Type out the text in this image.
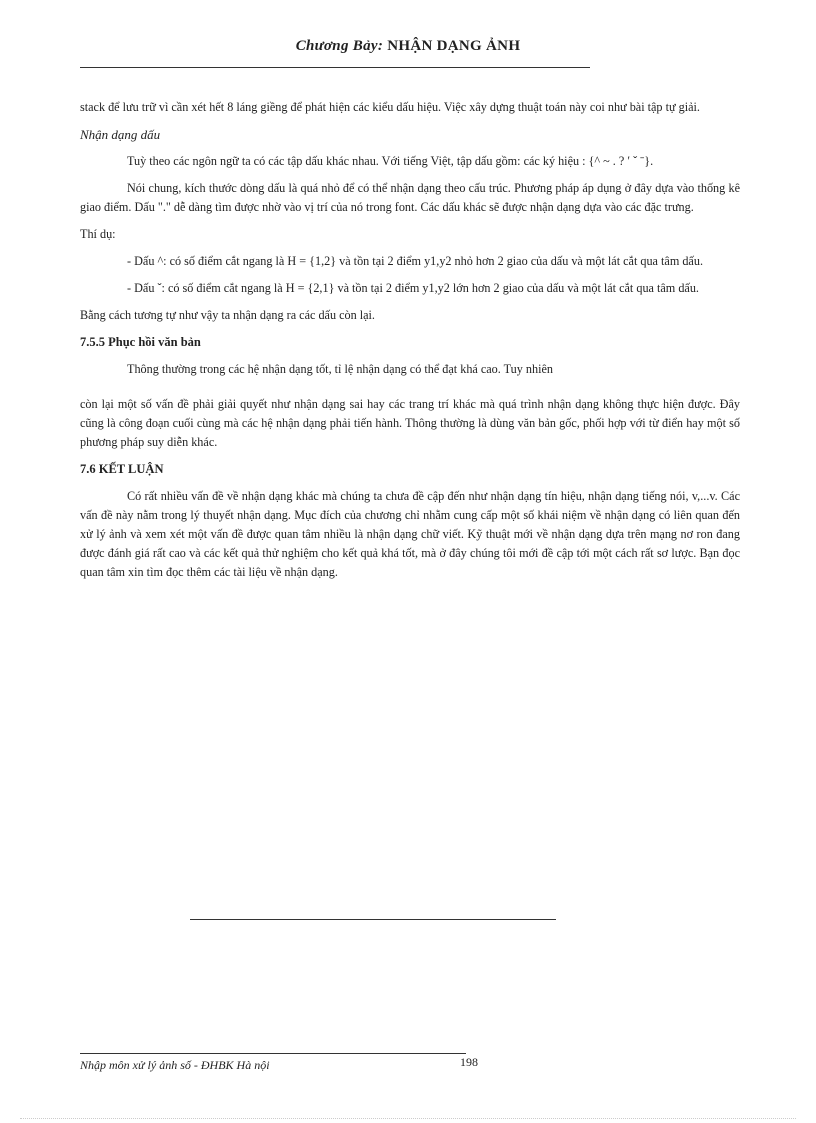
Chương Bảy: NHẬN DẠNG ẢNH

stack để lưu trữ vì cần xét hết 8 láng giềng để phát hiện các kiểu dấu hiệu. Việc xây dựng thuật toán này coi như bài tập tự giải.

Nhận dạng dấu

Tuỳ theo các ngôn ngữ ta có các tập dấu khác nhau. Với tiếng Việt, tập dấu gồm: các ký hiệu : {^ ~ . ? ʹ ˇ ˉ}.

Nói chung, kích thước dòng dấu là quá nhỏ để có thể nhận dạng theo cấu trúc. Phương pháp áp dụng ở đây dựa vào thống kê giao điểm. Dấu "." dễ dàng tìm được nhờ vào vị trí của nó trong font. Các dấu khác sẽ được nhận dạng dựa vào các đặc trưng.

Thí dụ:

- Dấu ^: có số điểm cắt ngang là H = {1,2} và tồn tại 2 điểm y1,y2 nhỏ hơn 2 giao của dấu và một lát cắt qua tâm dấu.

- Dấu ˇ: có số điểm cắt ngang là H = {2,1} và tồn tại 2 điểm y1,y2 lớn hơn 2 giao của dấu và một lát cắt qua tâm dấu.

Bằng cách tương tự như vậy ta nhận dạng ra các dấu còn lại.

7.5.5 Phục hồi văn bản

Thông thường trong các hệ nhận dạng tốt, tỉ lệ nhận dạng có thể đạt khá cao. Tuy nhiên

còn lại một số vấn đề phải giải quyết như nhận dạng sai hay các trang trí khác mà quá trình nhận dạng không thực hiện được. Đây cũng là công đoạn cuối cùng mà các hệ nhận dạng phải tiến hành. Thông thường là dùng văn bản gốc, phối hợp với từ điển hay một số phương pháp suy diễn khác.

7.6 KẾT LUẬN

Có rất nhiều vấn đề về nhận dạng khác mà chúng ta chưa đề cập đến như nhận dạng tín hiệu, nhận dạng tiếng nói, v,...v. Các vấn đề này nằm trong lý thuyết nhận dạng. Mục đích của chương chỉ nhằm cung cấp một số khái niệm về nhận dạng có liên quan đến xử lý ảnh và xem xét một vấn đề được quan tâm nhiều là nhận dạng chữ viết. Kỹ thuật mới về nhận dạng dựa trên mạng nơ ron đang được đánh giá rất cao và các kết quả thử nghiệm cho kết quả khá tốt, mà ở đây chúng tôi mới đề cập tới một cách rất sơ lược. Bạn đọc quan tâm xin tìm đọc thêm các tài liệu về nhận dạng.

Nhập môn xử lý ảnh số - ĐHBK Hà nội	198
